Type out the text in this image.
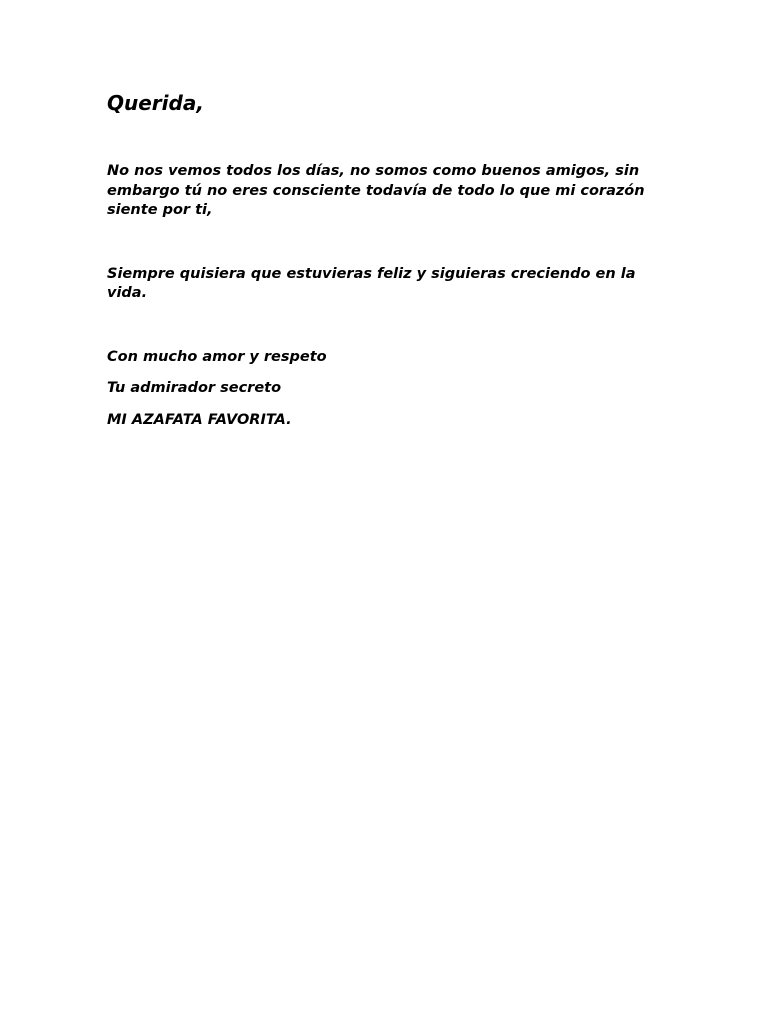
Querida,

No nos vemos todos los días, no somos como buenos amigos, sin embargo tú no eres consciente todavía de todo lo que mi corazón siente por ti,

Siempre quisiera que estuvieras feliz y siguieras creciendo en la vida.

Con mucho amor y respeto

Tu admirador secreto

MI AZAFATA FAVORITA.
